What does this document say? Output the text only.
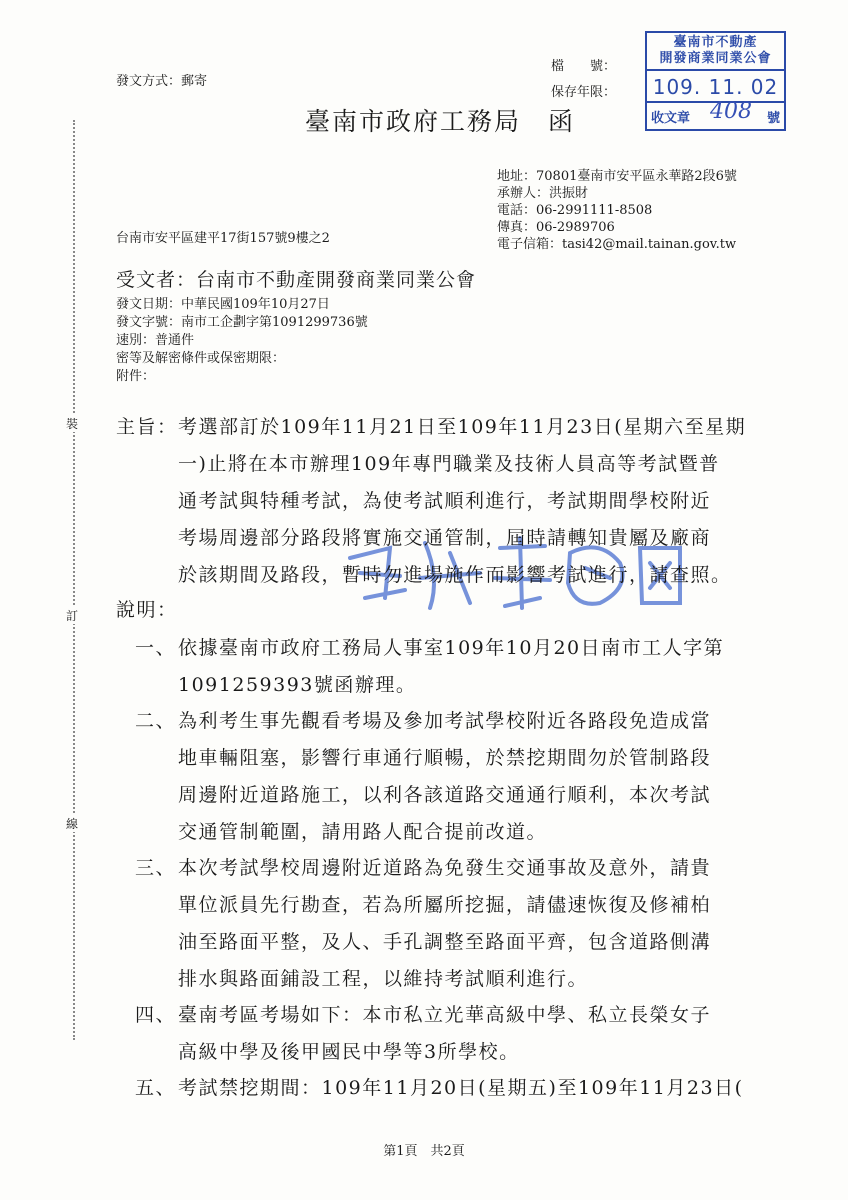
發文方式：郵寄
檔　　號：
保存年限：
臺南市不動產
開發商業同業公會
109. 11. 02
收文章 408 號
臺南市政府工務局　函
地址：70801臺南市安平區永華路2段6號
承辦人：洪振財
電話：06-2991111-8508
傳真：06-2989706
電子信箱：tasi42@mail.tainan.gov.tw
台南市安平區建平17街157號9樓之2
受文者：台南市不動產開發商業同業公會
發文日期：中華民國109年10月27日
發文字號：南市工企劃字第1091299736號
速別：普通件
密等及解密條件或保密期限：
附件：
裝
訂
線
主旨： 考選部訂於109年11月21日至109年11月23日(星期六至星期
一)止將在本市辦理109年專門職業及技術人員高等考試暨普
通考試與特種考試，為使考試順利進行，考試期間學校附近
考場周邊部分路段將實施交通管制，屆時請轉知貴屬及廠商
於該期間及路段，暫時勿進場施作而影響考試進行，請查照。
說明：
一、 依據臺南市政府工務局人事室109年10月20日南市工人字第
1091259393號函辦理。
二、 為利考生事先觀看考場及參加考試學校附近各路段免造成當
地車輛阻塞，影響行車通行順暢，於禁挖期間勿於管制路段
周邊附近道路施工，以利各該道路交通通行順利，本次考試
交通管制範圍，請用路人配合提前改道。
三、 本次考試學校周邊附近道路為免發生交通事故及意外，請貴
單位派員先行勘查，若為所屬所挖掘，請儘速恢復及修補柏
油至路面平整，及人、手孔調整至路面平齊，包含道路側溝
排水與路面鋪設工程，以維持考試順利進行。
四、 臺南考區考場如下：本市私立光華高級中學、私立長榮女子
高級中學及後甲國民中學等3所學校。
五、 考試禁挖期間：109年11月20日(星期五)至109年11月23日(
第1頁　共2頁
